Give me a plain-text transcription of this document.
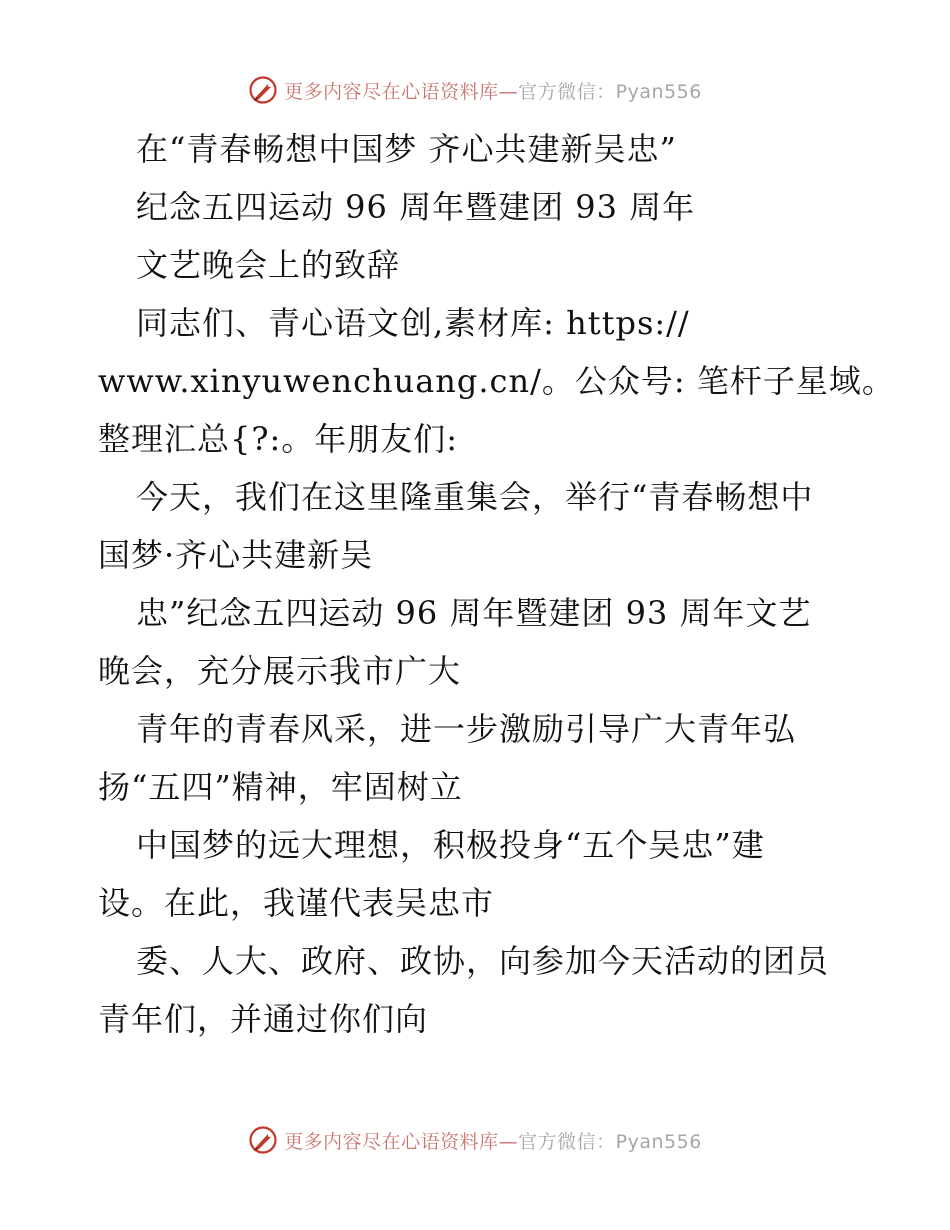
更多内容尽在心语资料库—官方微信：Pyan556
在“青春畅想中国梦 齐心共建新吴忠”
纪念五四运动 96 周年暨建团 93 周年
文艺晚会上的致辞
同志们、青心语文创,素材库: https://
www.xinyuwenchuang.cn/。公众号: 笔杆子星域。
整理汇总{?:。年朋友们:
今天，我们在这里隆重集会，举行“青春畅想中
国梦·齐心共建新吴
忠”纪念五四运动 96 周年暨建团 93 周年文艺
晚会，充分展示我市广大
青年的青春风采，进一步激励引导广大青年弘
扬“五四”精神，牢固树立
中国梦的远大理想，积极投身“五个吴忠”建
设。在此，我谨代表吴忠市
委、人大、政府、政协，向参加今天活动的团员
青年们，并通过你们向
更多内容尽在心语资料库—官方微信：Pyan556
